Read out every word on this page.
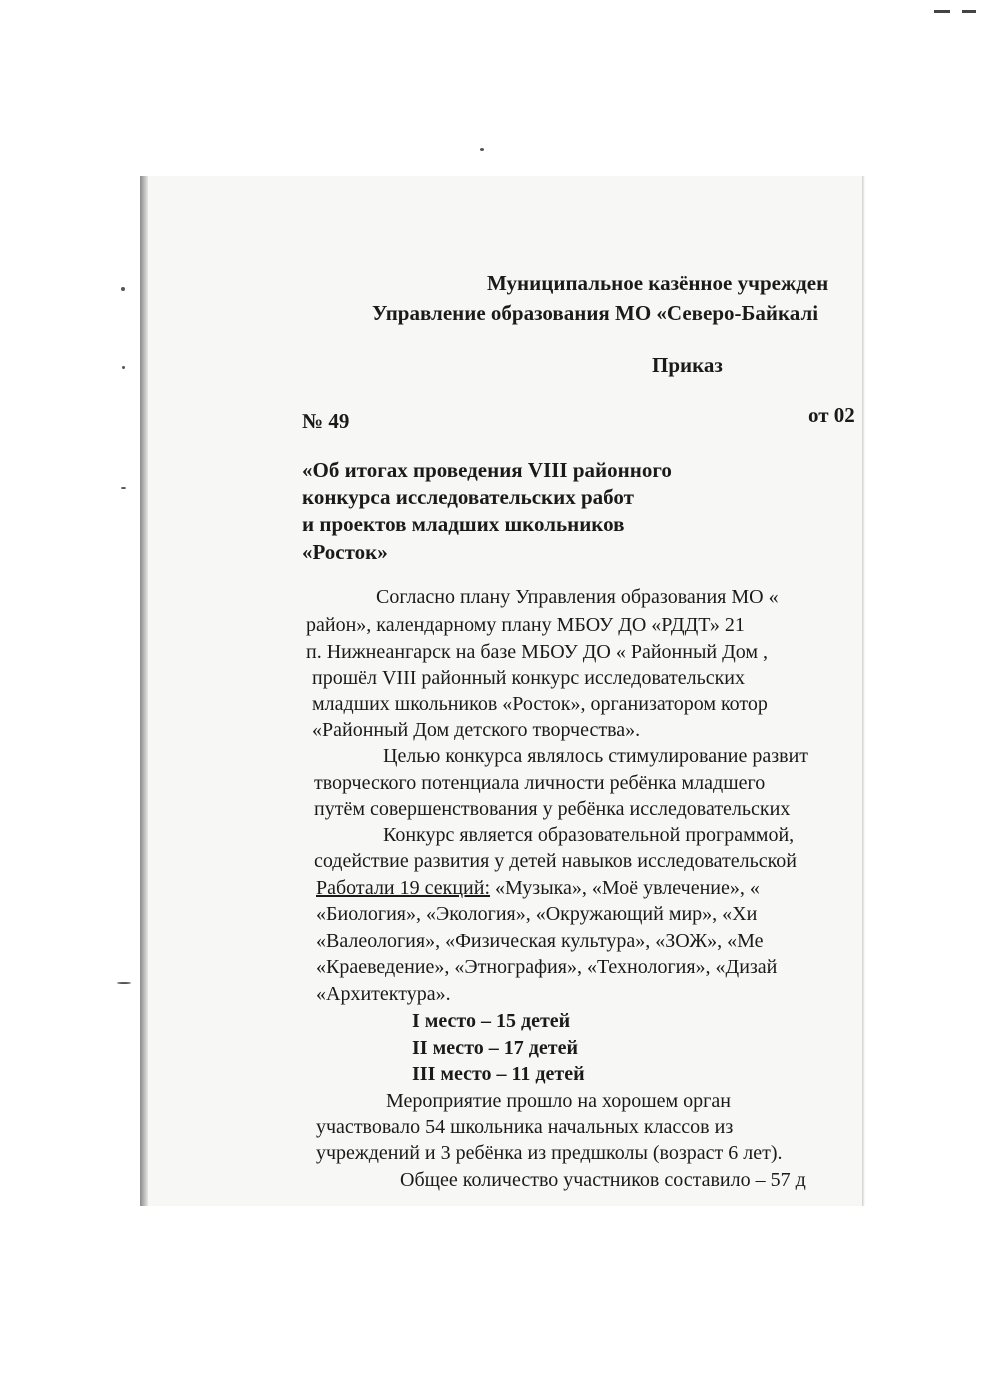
Муниципальное казённое учрежден
Управление образования МО «Северо-Байкалі
Приказ
№ 49	от 02
«Об итогах проведения VIII районного
конкурса исследовательских работ
и проектов младших школьников
«Росток»
Согласно плану Управления образования МО «
район», календарному плану МБОУ ДО «РДДТ» 21
п. Нижнеангарск на базе МБОУ ДО « Районный Дом ,
прошёл VIII районный конкурс исследовательских
младших школьников «Росток», организатором котор
«Районный Дом детского творчества».
Целью конкурса являлось стимулирование развит
творческого потенциала личности ребёнка младшего
путём совершенствования у ребёнка исследовательских
Конкурс является образовательной программой,
содействие развития у детей навыков исследовательской
Работали 19 секций: «Музыка», «Моё увлечение», «
«Биология», «Экология», «Окружающий мир», «Хи
«Валеология», «Физическая культура», «ЗОЖ», «Ме
«Краеведение», «Этнография», «Технология», «Дизай
«Архитектура».
I место – 15 детей
II место – 17 детей
III место – 11 детей
Мероприятие прошло на хорошем орган
участвовало 54 школьника начальных классов из
учреждений и 3 ребёнка из предшколы (возраст 6 лет).
Общее количество участников составило – 57 д
